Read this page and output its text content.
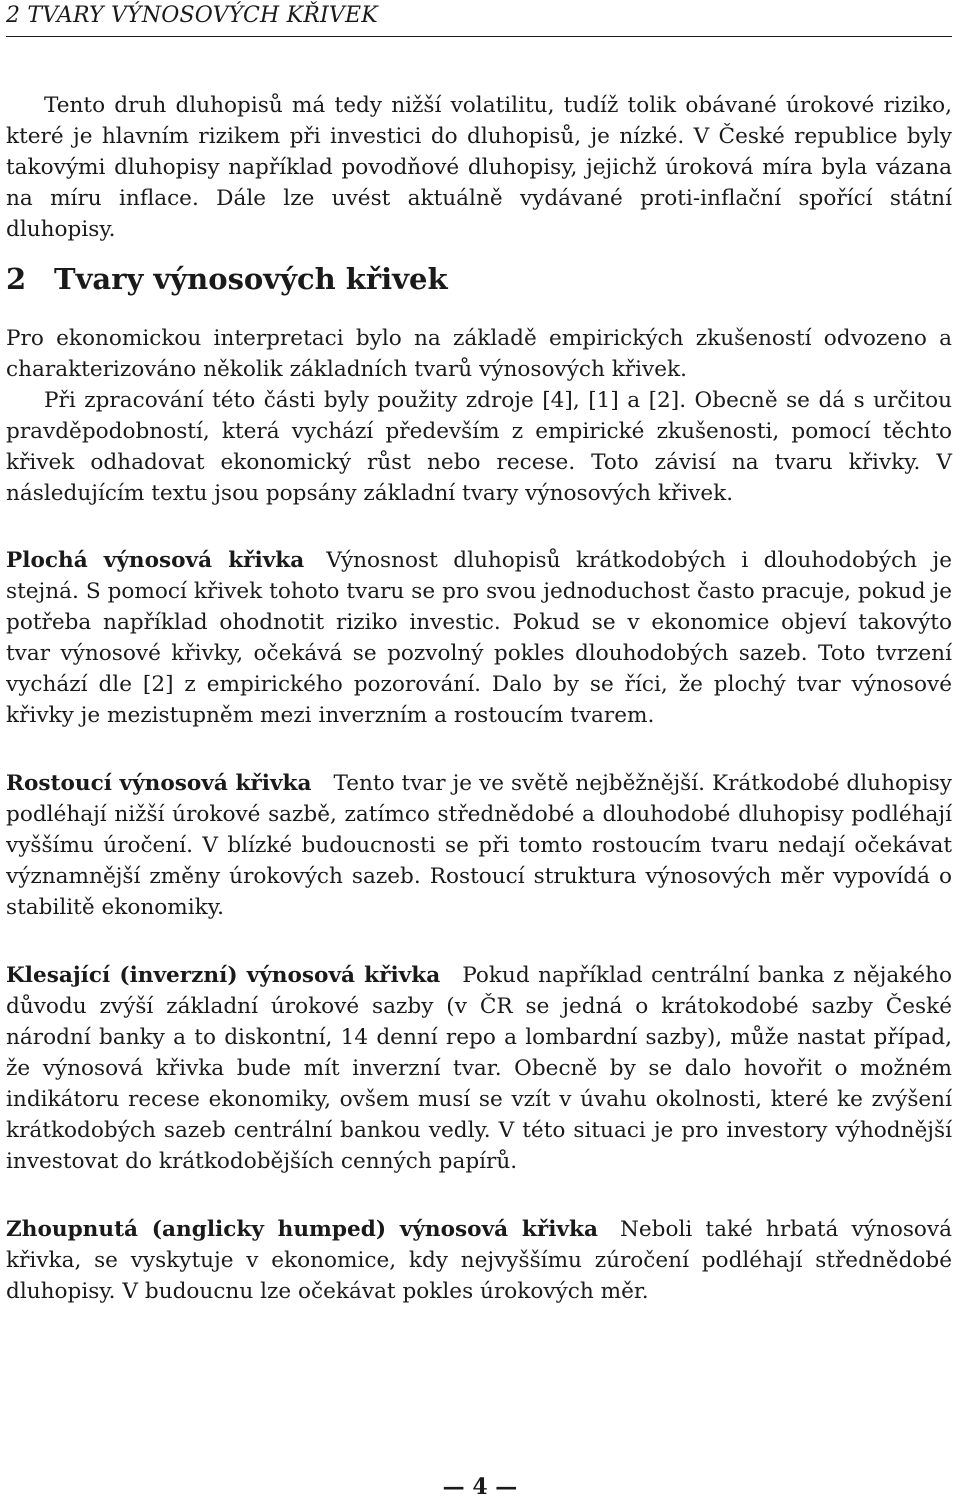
2 TVARY VÝNOSOVÝCH KŘIVEK

Tento druh dluhopisů má tedy nižší volatilitu, tudíž tolik obávané úrokové riziko, které je hlavním rizikem při investici do dluhopisů, je nízké. V České republice byly takovými dluhopisy například povodňové dluhopisy, jejichž úroková míra byla vázana na míru inflace. Dále lze uvést aktuálně vydávané proti-inflační spořící státní dluhopisy.

2 Tvary výnosových křivek

Pro ekonomickou interpretaci bylo na základě empirických zkušeností odvozeno a charakterizováno několik základních tvarů výnosových křivek.

Při zpracování této části byly použity zdroje [4], [1] a [2]. Obecně se dá s určitou pravděpodobností, která vychází především z empirické zkušenosti, pomocí těchto křivek odhadovat ekonomický růst nebo recese. Toto závisí na tvaru křivky. V následujícím textu jsou popsány základní tvary výnosových křivek.

Plochá výnosová křivka Výnosnost dluhopisů krátkodobých i dlouhodobých je stejná. S pomocí křivek tohoto tvaru se pro svou jednoduchost často pracuje, pokud je potřeba například ohodnotit riziko investic. Pokud se v ekonomice objeví takovýto tvar výnosové křivky, očekává se pozvolný pokles dlouhodobých sazeb. Toto tvrzení vychází dle [2] z empirického pozorování. Dalo by se říci, že plochý tvar výnosové křivky je mezistupněm mezi inverzním a rostoucím tvarem.

Rostoucí výnosová křivka Tento tvar je ve světě nejběžnější. Krátkodobé dluhopisy podléhají nižší úrokové sazbě, zatímco střednědobé a dlouhodobé dluhopisy podléhají vyššímu úročení. V blízké budoucnosti se při tomto rostoucím tvaru nedají očekávat významnější změny úrokových sazeb. Rostoucí struktura výnosových měr vypovídá o stabilitě ekonomiky.

Klesající (inverzní) výnosová křivka Pokud například centrální banka z nějakého důvodu zvýší základní úrokové sazby (v ČR se jedná o krátokodobé sazby České národní banky a to diskontní, 14 denní repo a lombardní sazby), může nastat případ, že výnosová křivka bude mít inverzní tvar. Obecně by se dalo hovořit o možném indikátoru recese ekonomiky, ovšem musí se vzít v úvahu okolnosti, které ke zvýšení krátkodobých sazeb centrální bankou vedly. V této situaci je pro investory výhodnější investovat do krátkodobějších cenných papírů.

Zhoupnutá (anglicky humped) výnosová křivka Neboli také hrbatá výnosová křivka, se vyskytuje v ekonomice, kdy nejvyššímu zúročení podléhají střednědobé dluhopisy. V budoucnu lze očekávat pokles úrokových měr.

— 4 —
